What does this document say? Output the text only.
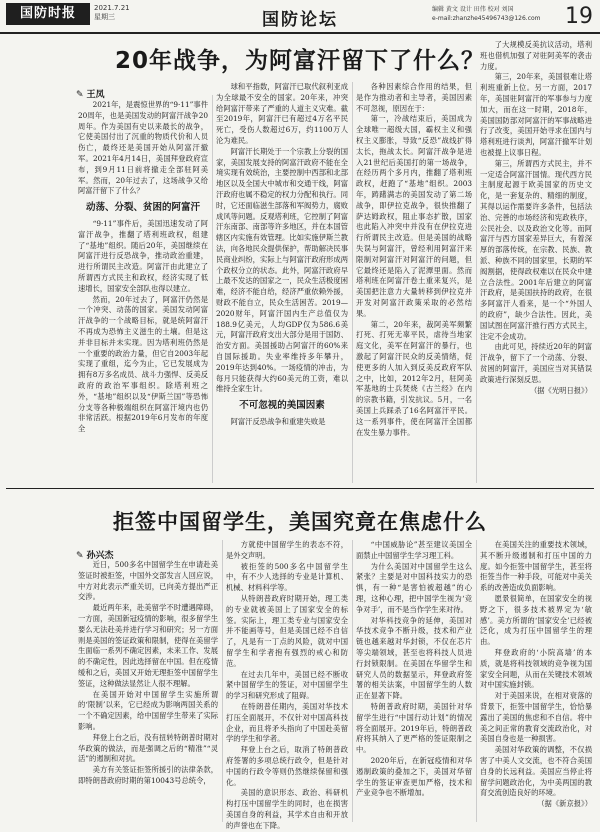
国防时报	2021.7.21
星期三	国防论坛
编辑 黄文 设计 田伟 校对 刘国
e-mail:zhanzhe45496743@126.com 19
20年战争，为阿富汗留下了什么？
✎ 王凤

2021年，是震惊世界的“9·11”事件20周年，也是美国发动的阿富汗战争20周年。作为美国有史以来最长的战争，它使美国付出了沉重的物质代价和人员伤亡，最终还是美国开始从阿富汗撤军。2021年4月14日，美国拜登政府宣布，到9月11日前将撤走全部驻阿美军。然而，20年过去了，这场战争又给阿富汗留下了什么？

动荡、分裂、贫困的阿富汗

“9·11”事件后，美国迅速发动了阿富汗战争，推翻了塔利班政权，组建了“基地”组织。随后20年，美国继续在阿富汗进行反恐战争，推动政治重建，进行所谓民主改造。阿富汗由此建立了所谓西方式民主和政权，经济实现了低速增长，国家安全部队也得以建立。

然而，20年过去了，阿富汗仍然是一个冲突、动荡的国家。美国发动阿富汗战争的一个战略目标，就是统阿富汗不再成为恐怖主义滋生的土壤。但是这并非目标并未实现。因为塔利班仍然是一个重要的政治力量，但它自2003年起实现了重组，迄今为止，它已发展成为拥有8万多名成员、战斗力强悍、反美反政府的政治军事组织。除塔利班之外，“基地”组织以及“伊斯兰国”等恐怖分支等各种极端组织在阿富汗境内也仍非常活跃。根据2019年6月发布的年度全

球和平指数，阿富汗已取代叙利亚成为全球最不安全的国家。20年来，冲突给阿富汗带来了严重的人道主义灾难。截至2019年，阿富汗已有超过4万名平民死亡，受伤人数超过6万，约1100万人沦为难民。

阿富汗长期处于一个宗教上分裂的国家，美国发展支持的阿富汗政府不能在全境实现有效统治，主要控制中西部和北部地区以及全国大中城市和交通干线，阿富汗政府也属不稳定的权力分配和执行。同时，它还面临滋生部落和军阀势力，腐败成风等问题。反观塔利班，它控制了阿富汗东南部、南部等许多地区，并在本国管辖区内实施有效管理。比如实施伊斯兰教法，向各地民众提供保护，帮助解决民事民商业纠纷，实际上与阿富汗政府形成两个政权分立的状态。此外，阿富汗政府早上最不发达的国家之一，民众生活极度困难，经济不能自给，经济严重依赖外援，财政不能自立，民众生活困苦。2019—2020财年，阿富汗国内生产总值仅为188.9亿美元，人均GDP仅为586.6美元，阿富汗政府支出大部分是用于国防、治安方面。美国援助占阿富汗的60%来自国际援助。失业率维持多年攀升，2019年达到40%。一场疫情的冲击，为每月只能获得大约60美元的工资，难以维持全家生计。

不可忽视的美国因素

阿富汗反恐战争和重建失败是

各种因素综合作用的结果，但是作为推动者和主导者，美国因素不可忽视，原因在于：

第一，冷战结束后，美国成为全球唯一超级大国，霸权主义和强权主义膨胀，导致“反恐”战线扩得太长，拖战太长。阿富汗战争是进入21世纪后美国打的第一场战争，在经历两个多月内，推翻了塔利班政权，赶跑了“基地”组织。2003年，踌躇满志的美国发动了第二场战争，即伊拉克战争，很快推翻了萨达姆政权，阻止事态扩散，国家也此陷入冲突中并没有在伊拉克进行所谓民主改造。但是美国的战略失误与阿富汗，曾经利用阿富汗来限制对阿富汗对阿富汗的问题，但它最终还是陷入了泥潭里面。然而塔利班在阿富汗卷土重来复兴，是美国把注意力大量转移到伊拉克并开发对阿富汗政策采取的必然结果。

第二，20年来，裁阿美军频繁打死、打死无辜平民，虐待当地家庭文化，美军在阿富汗的暴行，也激起了阿富汗民众的反美情绪，促使更多的人加入到反美反政府军队之中，比如，2012年2月，驻阿美军基地的士兵焚烧《古兰经》在内的宗教书籍，引发抗议。5月，一名美国上兵踩杀了16名阿富汗平民。这一系列事件，使在阿富汗全国都在发生暴力事件。

了大规模反美抗议活动，塔利班也借机加强了对驻阿美军的袭击力度。

第三，20年来，美国很难让塔利班重新上位。另一方面，2017年，美国驻阿富汗的军事参与力度加大，而在这一时期，2018年，美国国防部对阿富汗的军事战略进行了改变，美国开始寻求在国内与塔利班进行谈判，阿富汗撤军计划也被提上议事日程。

第三，所谓西方式民主，并不一定适合阿富汗国情。现代西方民主制度起源于欧美国家的历史文化，是一套复杂的、精细的制度，其得以运作需要许多条件，包括法治、完善的市场经济和宪政秩序，公民社会、以及政治文化等。而阿富汗与西方国家差异巨大，有着深厚的部落传统，在宗教、民族、教派、种族不同的国家里，长期的军阀割据，使得政权难以在民众中建立合法性。2001年后建立的阿富汗政府，是美国扶持的政府，在很多阿富汗人看来，是一个“外国人的政府”，缺少合法性。因此，美国试图在阿富汗推行西方式民主，注定不会成功。

由此可见，持续近20年的阿富汗战争，留下了一个动荡、分裂、贫困的阿富汗，美国应当对其错误政策进行深刻反思。

（据《光明日报》）

拒签中国留学生，美国究竟在焦虑什么
✎ 孙兴杰

近日，500多名中国留学生在申请赴美签证时被拒签，中国外交部发言人回应说，中方对此表示严重关切，已向美方提出严正交涉。

最近两年来，赴美留学不时遭遇障碍，一方面，美国新冠疫情的影响，很多留学生要么无法赴美并进行学习和研究；另一方面则是美国的签证政策和限制，使得在美留学生面临一系列不确定因素，未来工作、发展的不确定性，因此选择留在中国。但在疫情缓和之后，美国又开始无理拒签中国留学生签证，这种做法显然让人很不理解。

在美国开始对中国留学生实施所谓的‘限制’以来，它已经成为影响两国关系的一个不确定因素，给中国留学生带来了实际影响。

拜登上台之后，没有扭转特朗普时期对华政策的做法，而是强调之后的“精准”“灵活”的遏制和对抗。

美方有关签证拒签所援引的法律条款，即特朗普政府时期的第10043号总统令，

方就使中国留学生的表态不符，是外交声明。

被拒签的500多名中国留学生中，有不少人选择的专业是计算机、机械、材料科学等。

从特朗普政府时期开始，理工类的专业就被美国上了国家安全的标签。实际上，理工类专业与国家安全并不能画等号，但是美国已经不自信了，凡是有一丁点的风险，就对中国留学生和学者抱有强烈的戒心和防范。

在过去几年中，美国已经不断收紧中国留学生的签证，对中国留学生的学习和研究形成了阻碍。

在特朗普任期内，美国对华技术打压全面展开，不仅针对中国高科技企业，而且将矛头指向了中国赴美留学的学生和学者。

拜登上台之后，取消了特朗普政府签署的多项总统行政令，但是针对中国的行政令等则仍然继续保留和强化。

美国的意识形态、政治、科研机构打压中国留学生的同时，也在损害美国自身的利益，其学术自由和开放的声誉也在下降。

“中国威胁论”甚至建议美国全面禁止中国留学生学习理工科。

为什么美国对中国留学生这么紧张？主要是对中国科技实力的恐惧，有一种“是害怕被超越”的心理，这种心理，把中国学生视为‘竞争对手’，而不是当作学生来对待。

对华科技竞争的延伸，美国对华技术竞争不断升级，技术和产业链也越来越对华封锁，不仅在芯片等尖端领域，甚至也将科技人员进行封锁限制。在美国在华留学生和研究人员的数据显示，拜登政府签署的相关法案，中国留学生的人数正在显著下降。

特朗普政府时期，美国针对华留学生进行“中国行动计划”的情况将全面展开。2019年后，特朗普政府将其纳入了更严格的签证限制之中。

2020年后，在新冠疫情和对华遏制政策的叠加之下，美国对华留学生的签证审查更加严格，技术和产业竞争也不断增加。

在美国关注的重要技术领域，其不断升级遏制和打压中国的力度。如今拒签中国留学生，甚至将拒签当作一种手段，可能对中美关系的改善造成负面影响。

愿景很简单，在国家安全的视野之下，很多技术被界定为‘敏感’。美方所谓的‘国家安全’已经被泛化，成为打压中国留学生的理由。

拜登政府的‘小院高墙’的本质，就是将科技领域的竞争视为国家安全问题，从而在关键技术领域对中国实施封锁。

对于美国来说，在相对衰落的背景下，拒签中国留学生，恰恰暴露出了美国的焦虑和不自信。将中美之间正常的教育交流政治化，对美国自身也是一种损害。

美国对华政策的调整，不仅损害了中美人文交流，也不符合美国自身的长远利益。美国应当停止将留学问题政治化，为中美两国的教育交流创造良好的环境。

（据《新京报》）
